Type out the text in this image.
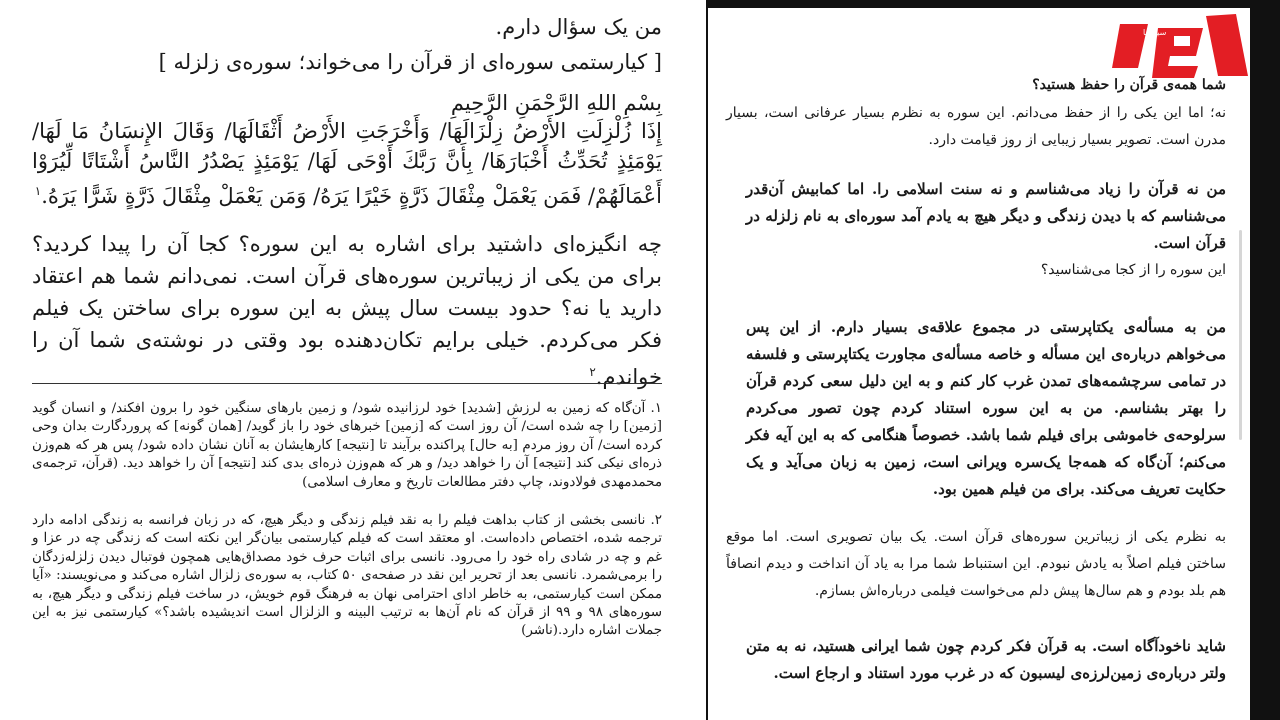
من یک سؤال دارم.
[ کیارستمی سوره‌ای از قرآن را می‌خواند؛ سوره‌ی زلزله ]
بِسْمِ اللهِ الرَّحْمَنِ الرَّحِيمِ
إِذَا زُلْزِلَتِ الأَرْضُ زِلْزَالَهَا/ وَأَخْرَجَتِ الأَرْضُ أَثْقَالَهَا/ وَقَالَ الإِنسَانُ مَا لَهَا/ يَوْمَئِذٍ تُحَدِّثُ أَخْبَارَهَا/ بِأَنَّ رَبَّكَ أَوْحَى لَهَا/ يَوْمَئِذٍ يَصْدُرُ النَّاسُ أَشْتَاتًا لِّيُرَوْا أَعْمَالَهُمْ/ فَمَن يَعْمَلْ مِثْقَالَ ذَرَّةٍ خَيْرًا يَرَهُ/ وَمَن يَعْمَلْ مِثْقَالَ ذَرَّةٍ شَرًّا يَرَهُ.$^۱$
چه انگیزه‌ای داشتید برای اشاره به این سوره؟ کجا آن را پیدا کردید؟ برای من یکی از زیباترین سوره‌های قرآن است. نمی‌دانم شما هم اعتقاد دارید یا نه؟ حدود بیست سال پیش به این سوره برای ساختن یک فیلم فکر می‌کردم. خیلی برایم تکان‌دهنده بود وقتی در نوشته‌ی شما آن را خواندم.$^۲$
۱. آن‌گاه که زمین به لرزش [شدید] خود لرزانیده شود/ و زمین بارهای سنگین خود را برون افکند/ و انسان گوید [زمین] را چه شده است/ آن روز است که [زمین] خبرهای خود را باز گوید/ [همان گونه] که پروردگارت بدان وحی کرده است/ آن روز مردم [به حال] پراکنده برآیند تا [نتیجه] کارهایشان به آنان نشان داده شود/ پس هر که هم‌وزن ذره‌ای نیکی کند [نتیجه] آن را خواهد دید/ و هر که هم‌وزن ذره‌ای بدی کند [نتیجه] آن را خواهد دید. (قرآن، ترجمه‌ی محمدمهدی فولادوند، چاپ دفتر مطالعات تاریخ و معارف اسلامی)
۲. نانسی بخشی از کتاب بداهت فیلم را به نقد فیلم زندگی و دیگر هیچ، که در زبان فرانسه به زندگی ادامه دارد ترجمه شده، اختصاص داده‌است. او معتقد است که فیلم کیارستمی بیان‌گر این نکته است که زندگی چه در عزا و غم و چه در شادی راه خود را می‌رود. نانسی برای اثبات حرف خود مصداق‌هایی همچون فوتبال دیدن زلزله‌زدگان را برمی‌شمرد. نانسی بعد از تحریر این نقد در صفحه‌ی ۵۰ کتاب، به سوره‌ی زلزال اشاره می‌کند و می‌نویسند: «آیا ممکن است کیارستمی، به خاطر ادای احترامی نهان به فرهنگ قوم خویش، در ساخت فیلم زندگی و دیگر هیچ، به سوره‌های ۹۸ و ۹۹ از قرآن که نام آن‌ها به ترتیب البینه و الزلزال است اندیشیده باشد؟» کیارستمی نیز به این جملات اشاره دارد.(ناشر)
سیـنمـا
شما همه‌ی قرآن را حفظ هستید؟
نه؛ اما این یکی را از حفظ می‌دانم. این سوره به نظرم بسیار عرفانی است، بسیار مدرن است. تصویر بسیار زیبایی از روز قیامت دارد.
من نه قرآن را زیاد می‌شناسم و نه سنت اسلامی را. اما کمابیش آن‌قدر می‌شناسم که با دیدن زندگی و دیگر هیچ به یادم آمد سوره‌ای به نام زلزله در قرآن است.
این سوره را از کجا می‌شناسید؟
من به مسأله‌ی یکتاپرستی در مجموع علاقه‌ی بسیار دارم. از این پس می‌خواهم درباره‌ی این مسأله و خاصه مسأله‌ی مجاورت یکتاپرستی و فلسفه در تمامی سرچشمه‌های تمدن غرب کار کنم و به این دلیل سعی کردم قرآن را بهتر بشناسم. من به این سوره استناد کردم چون تصور می‌کردم سرلوحه‌ی خاموشی برای فیلم شما باشد. خصوصاً هنگامی که به این آیه فکر می‌کنم؛ آن‌گاه که همه‌جا یک‌سره ویرانی است، زمین به زبان می‌آید و یک حکایت تعریف می‌کند. برای من فیلم همین بود.
به نظرم یکی از زیباترین سوره‌های قرآن است. یک بیان تصویری است. اما موقع ساختن فیلم اصلاً به یادش نبودم. این استنباط شما مرا به یاد آن انداخت و دیدم انصافاً هم بلد بودم و هم سال‌ها پیش دلم می‌خواست فیلمی درباره‌اش بسازم.
شاید ناخودآگاه است. به قرآن فکر کردم چون شما ایرانی هستید، نه به متن ولتر درباره‌ی زمین‌لرزه‌ی لیسبون که در غرب مورد استناد و ارجاع است.
